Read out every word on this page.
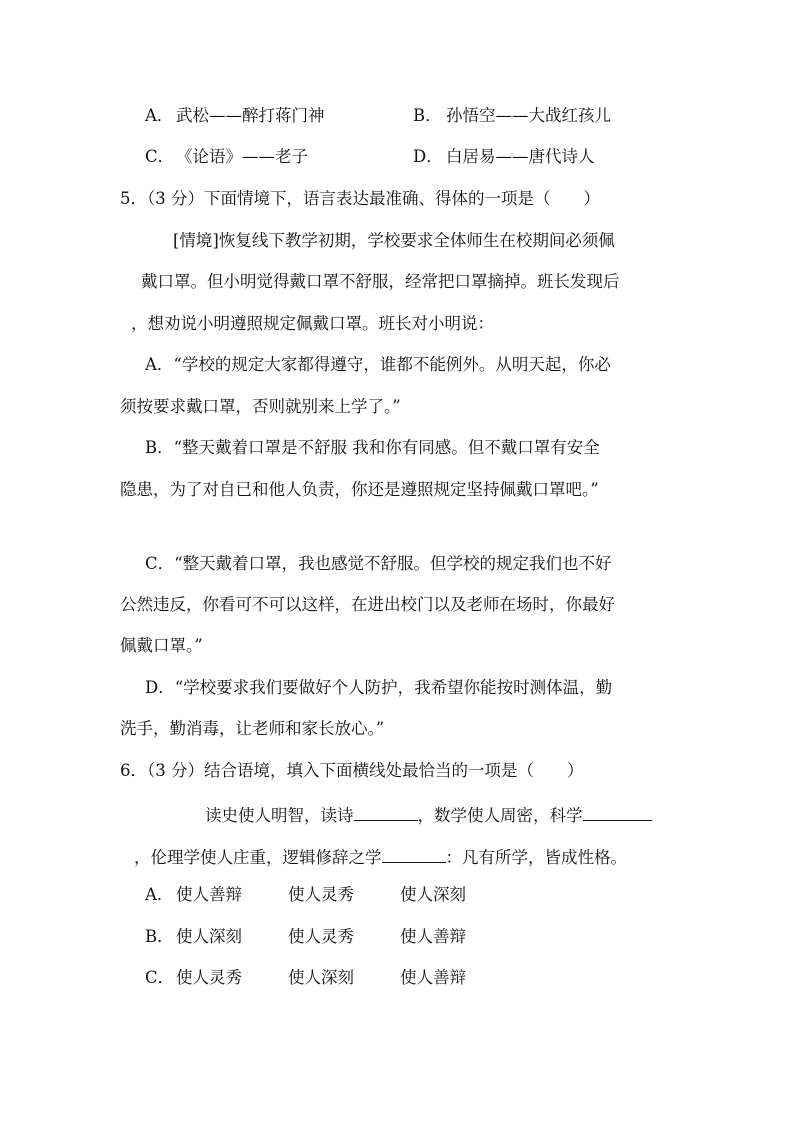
A． 武松——醉打蒋门神	B． 孙悟空——大战红孩儿
C． 《论语》——老子	D． 白居易——唐代诗人
5．（3 分）下面情境下，语言表达最准确、得体的一项是（　　）
[情境]恢复线下教学初期，学校要求全体师生在校期间必须佩
戴口罩。但小明觉得戴口罩不舒服，经常把口罩摘掉。班长发现后
，想劝说小明遵照规定佩戴口罩。班长对小明说：
A．“学校的规定大家都得遵守，谁都不能例外。从明天起，你必
须按要求戴口罩，否则就别来上学了。”
B．“整天戴着口罩是不舒服 我和你有同感。但不戴口罩有安全
隐患，为了对自已和他人负责，你还是遵照规定坚持佩戴口罩吧。”
C．“整天戴着口罩，我也感觉不舒服。但学校的规定我们也不好
公然违反，你看可不可以这样，在进出校门以及老师在场时，你最好
佩戴口罩。”
D．“学校要求我们要做好个人防护，我希望你能按时测体温，勤
洗手，勤消毒，让老师和家长放心。”
6．（3 分）结合语境，填入下面横线处最恰当的一项是（　　）
读史使人明智，读诗	，数学使人周密，科学
，伦理学使人庄重，逻辑修辞之学	：凡有所学，皆成性格。
A． 使人善辩	使人灵秀	使人深刻
B． 使人深刻	使人灵秀	使人善辩
C． 使人灵秀	使人深刻	使人善辩
